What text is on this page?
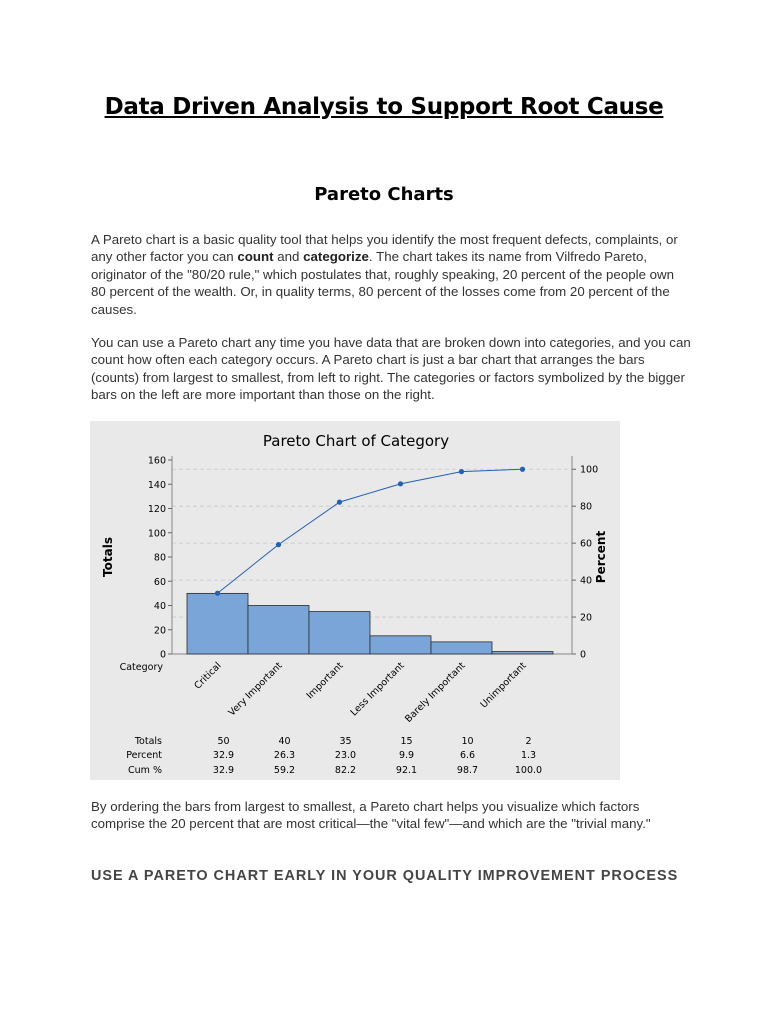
Data Driven Analysis to Support Root Cause
Pareto Charts

A Pareto chart is a basic quality tool that helps you identify the most frequent defects, complaints, or any other factor you can count and categorize. The chart takes its name from Vilfredo Pareto, originator of the "80/20 rule," which postulates that, roughly speaking, 20 percent of the people own 80 percent of the wealth. Or, in quality terms, 80 percent of the losses come from 20 percent of the causes.

You can use a Pareto chart any time you have data that are broken down into categories, and you can count how often each category occurs. A Pareto chart is just a bar chart that arranges the bars (counts) from largest to smallest, from left to right. The categories or factors symbolized by the bigger bars on the left are more important than those on the right.

Pareto Chart of Category
Totals	Percent
Category
0
20
40
60
80
100
120
140
160
0
20
40
60
80
100
Critical Very Important Important Less Important
Barely Important Unimportant
Totals	50	40	35	15	10	2
Percent	32.9	26.3	23.0	9.9	6.6	1.3
Cum %	32.9	59.2	82.2	92.1	98.7	100.0

By ordering the bars from largest to smallest, a Pareto chart helps you visualize which factors comprise the 20 percent that are most critical—the "vital few"—and which are the "trivial many."

USE A PARETO CHART EARLY IN YOUR QUALITY IMPROVEMENT PROCESS
